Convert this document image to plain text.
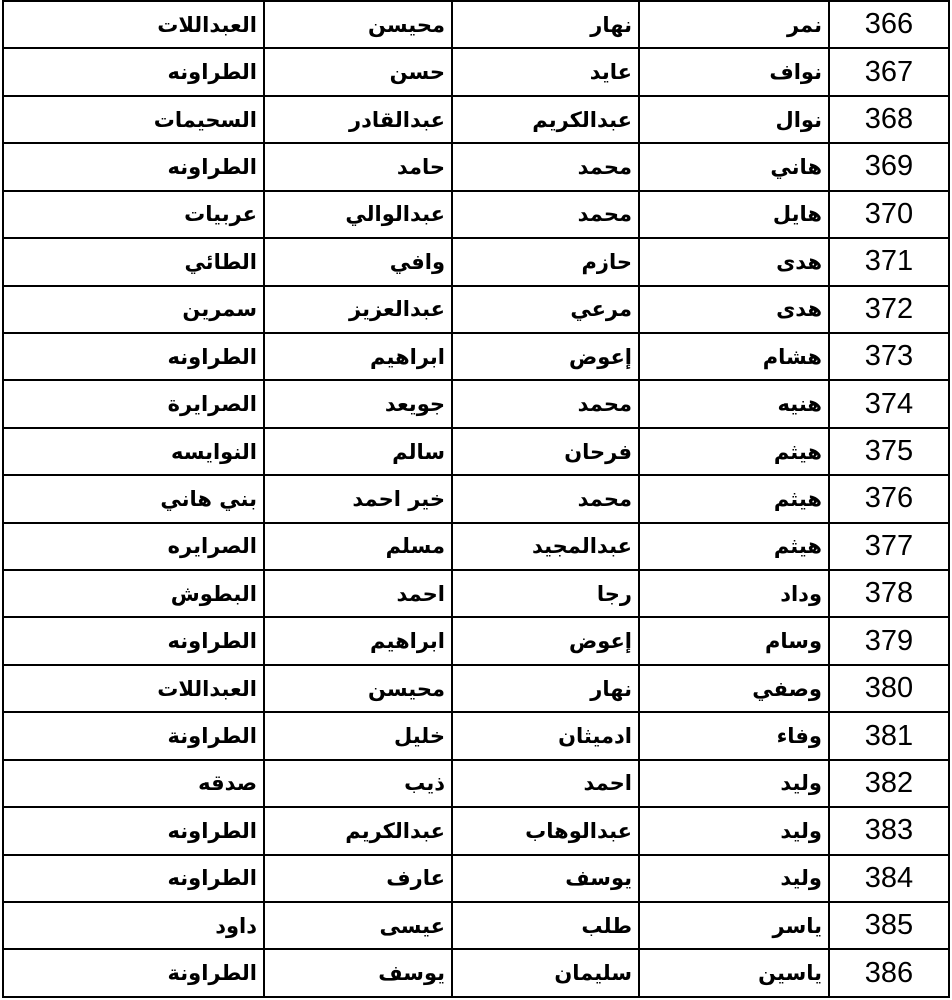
العبداللات	محيسن	نهار	نمر	366
الطراونه	حسن	عايد	نواف	367
السحيمات	عبدالقادر	عبدالكريم	نوال	368
الطراونه	حامد	محمد	هاني	369
عربيات	عبدالوالي	محمد	هايل	370
الطائي	وافي	حازم	هدى	371
سمرين	عبدالعزيز	مرعي	هدى	372
الطراونه	ابراهيم	إعوض	هشام	373
الصرايرة	جويعد	محمد	هنيه	374
النوايسه	سالم	فرحان	هيثم	375
بني هاني	خير احمد	محمد	هيثم	376
الصرايره	مسلم	عبدالمجيد	هيثم	377
البطوش	احمد	رجا	وداد	378
الطراونه	ابراهيم	إعوض	وسام	379
العبداللات	محيسن	نهار	وصفي	380
الطراونة	خليل	ادميثان	وفاء	381
صدقه	ذيب	احمد	وليد	382
الطراونه	عبدالكريم	عبدالوهاب	وليد	383
الطراونه	عارف	يوسف	وليد	384
داود	عيسى	طلب	ياسر	385
الطراونة	يوسف	سليمان	ياسين	386
